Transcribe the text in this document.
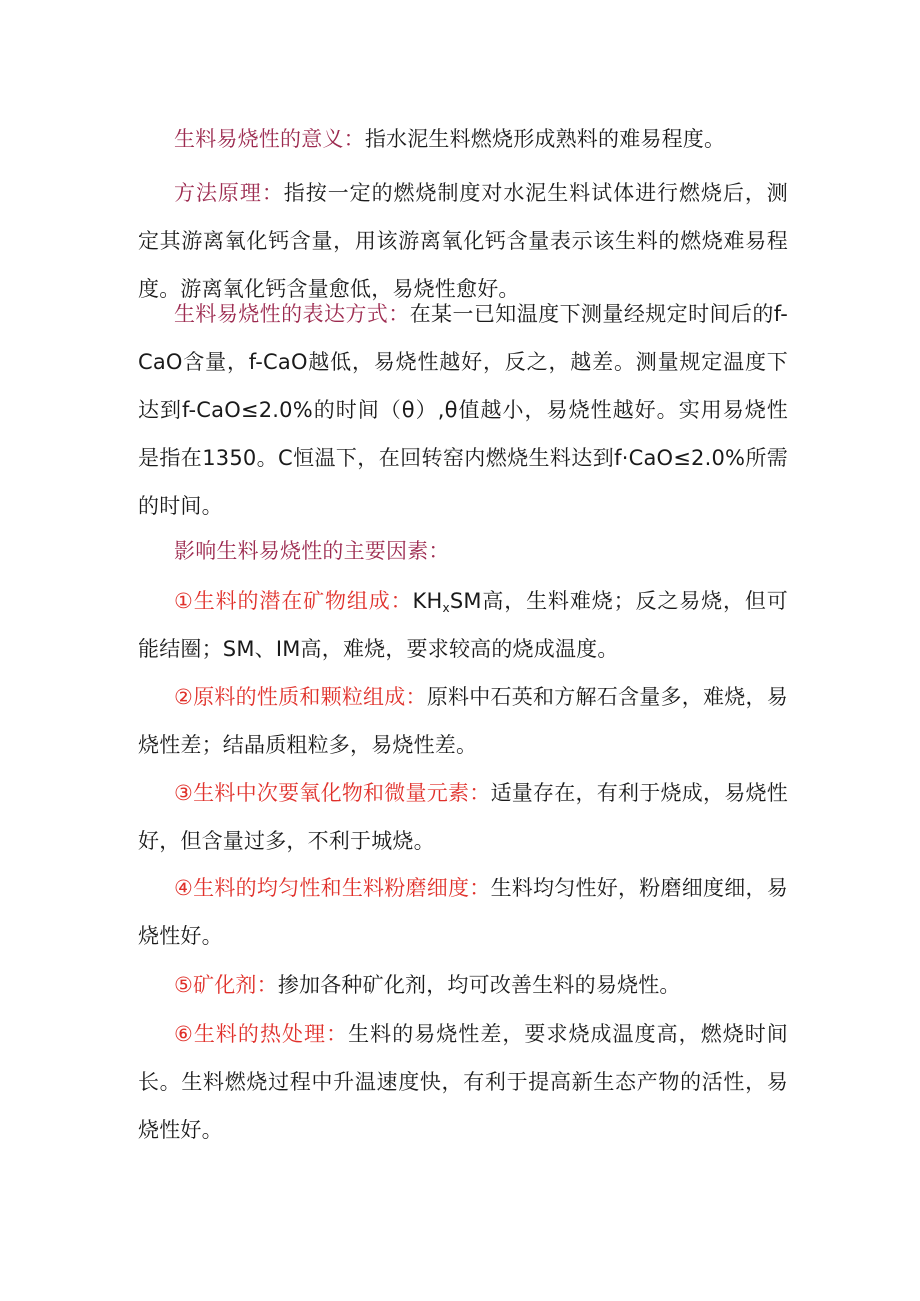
生料易烧性的意义：指水泥生料燃烧形成熟料的难易程度。

方法原理：指按一定的燃烧制度对水泥生料试体进行燃烧后，测定其游离氧化钙含量，用该游离氧化钙含量表示该生料的燃烧难易程度。游离氧化钙含量愈低，易烧性愈好。

生料易烧性的表达方式：在某一已知温度下测量经规定时间后的f-CaO含量，f-CaO越低，易烧性越好，反之，越差。测量规定温度下达到f-CaO≤2.0%的时间（θ）,θ值越小，易烧性越好。实用易烧性是指在1350。C恒温下，在回转窑内燃烧生料达到f·CaO≤2.0%所需的时间。

影响生料易烧性的主要因素：

①生料的潜在矿物组成：$KH_xSM$高，生料难烧；反之易烧，但可能结圈；SM、IM高，难烧，要求较高的烧成温度。

②原料的性质和颗粒组成：原料中石英和方解石含量多，难烧，易烧性差；结晶质粗粒多，易烧性差。

③生料中次要氧化物和微量元素：适量存在，有利于烧成，易烧性好，但含量过多，不利于城烧。

④生料的均匀性和生料粉磨细度：生料均匀性好，粉磨细度细，易烧性好。

⑤矿化剂：掺加各种矿化剂，均可改善生料的易烧性。

⑥生料的热处理：生料的易烧性差，要求烧成温度高，燃烧时间长。生料燃烧过程中升温速度快，有利于提高新生态产物的活性，易烧性好。
